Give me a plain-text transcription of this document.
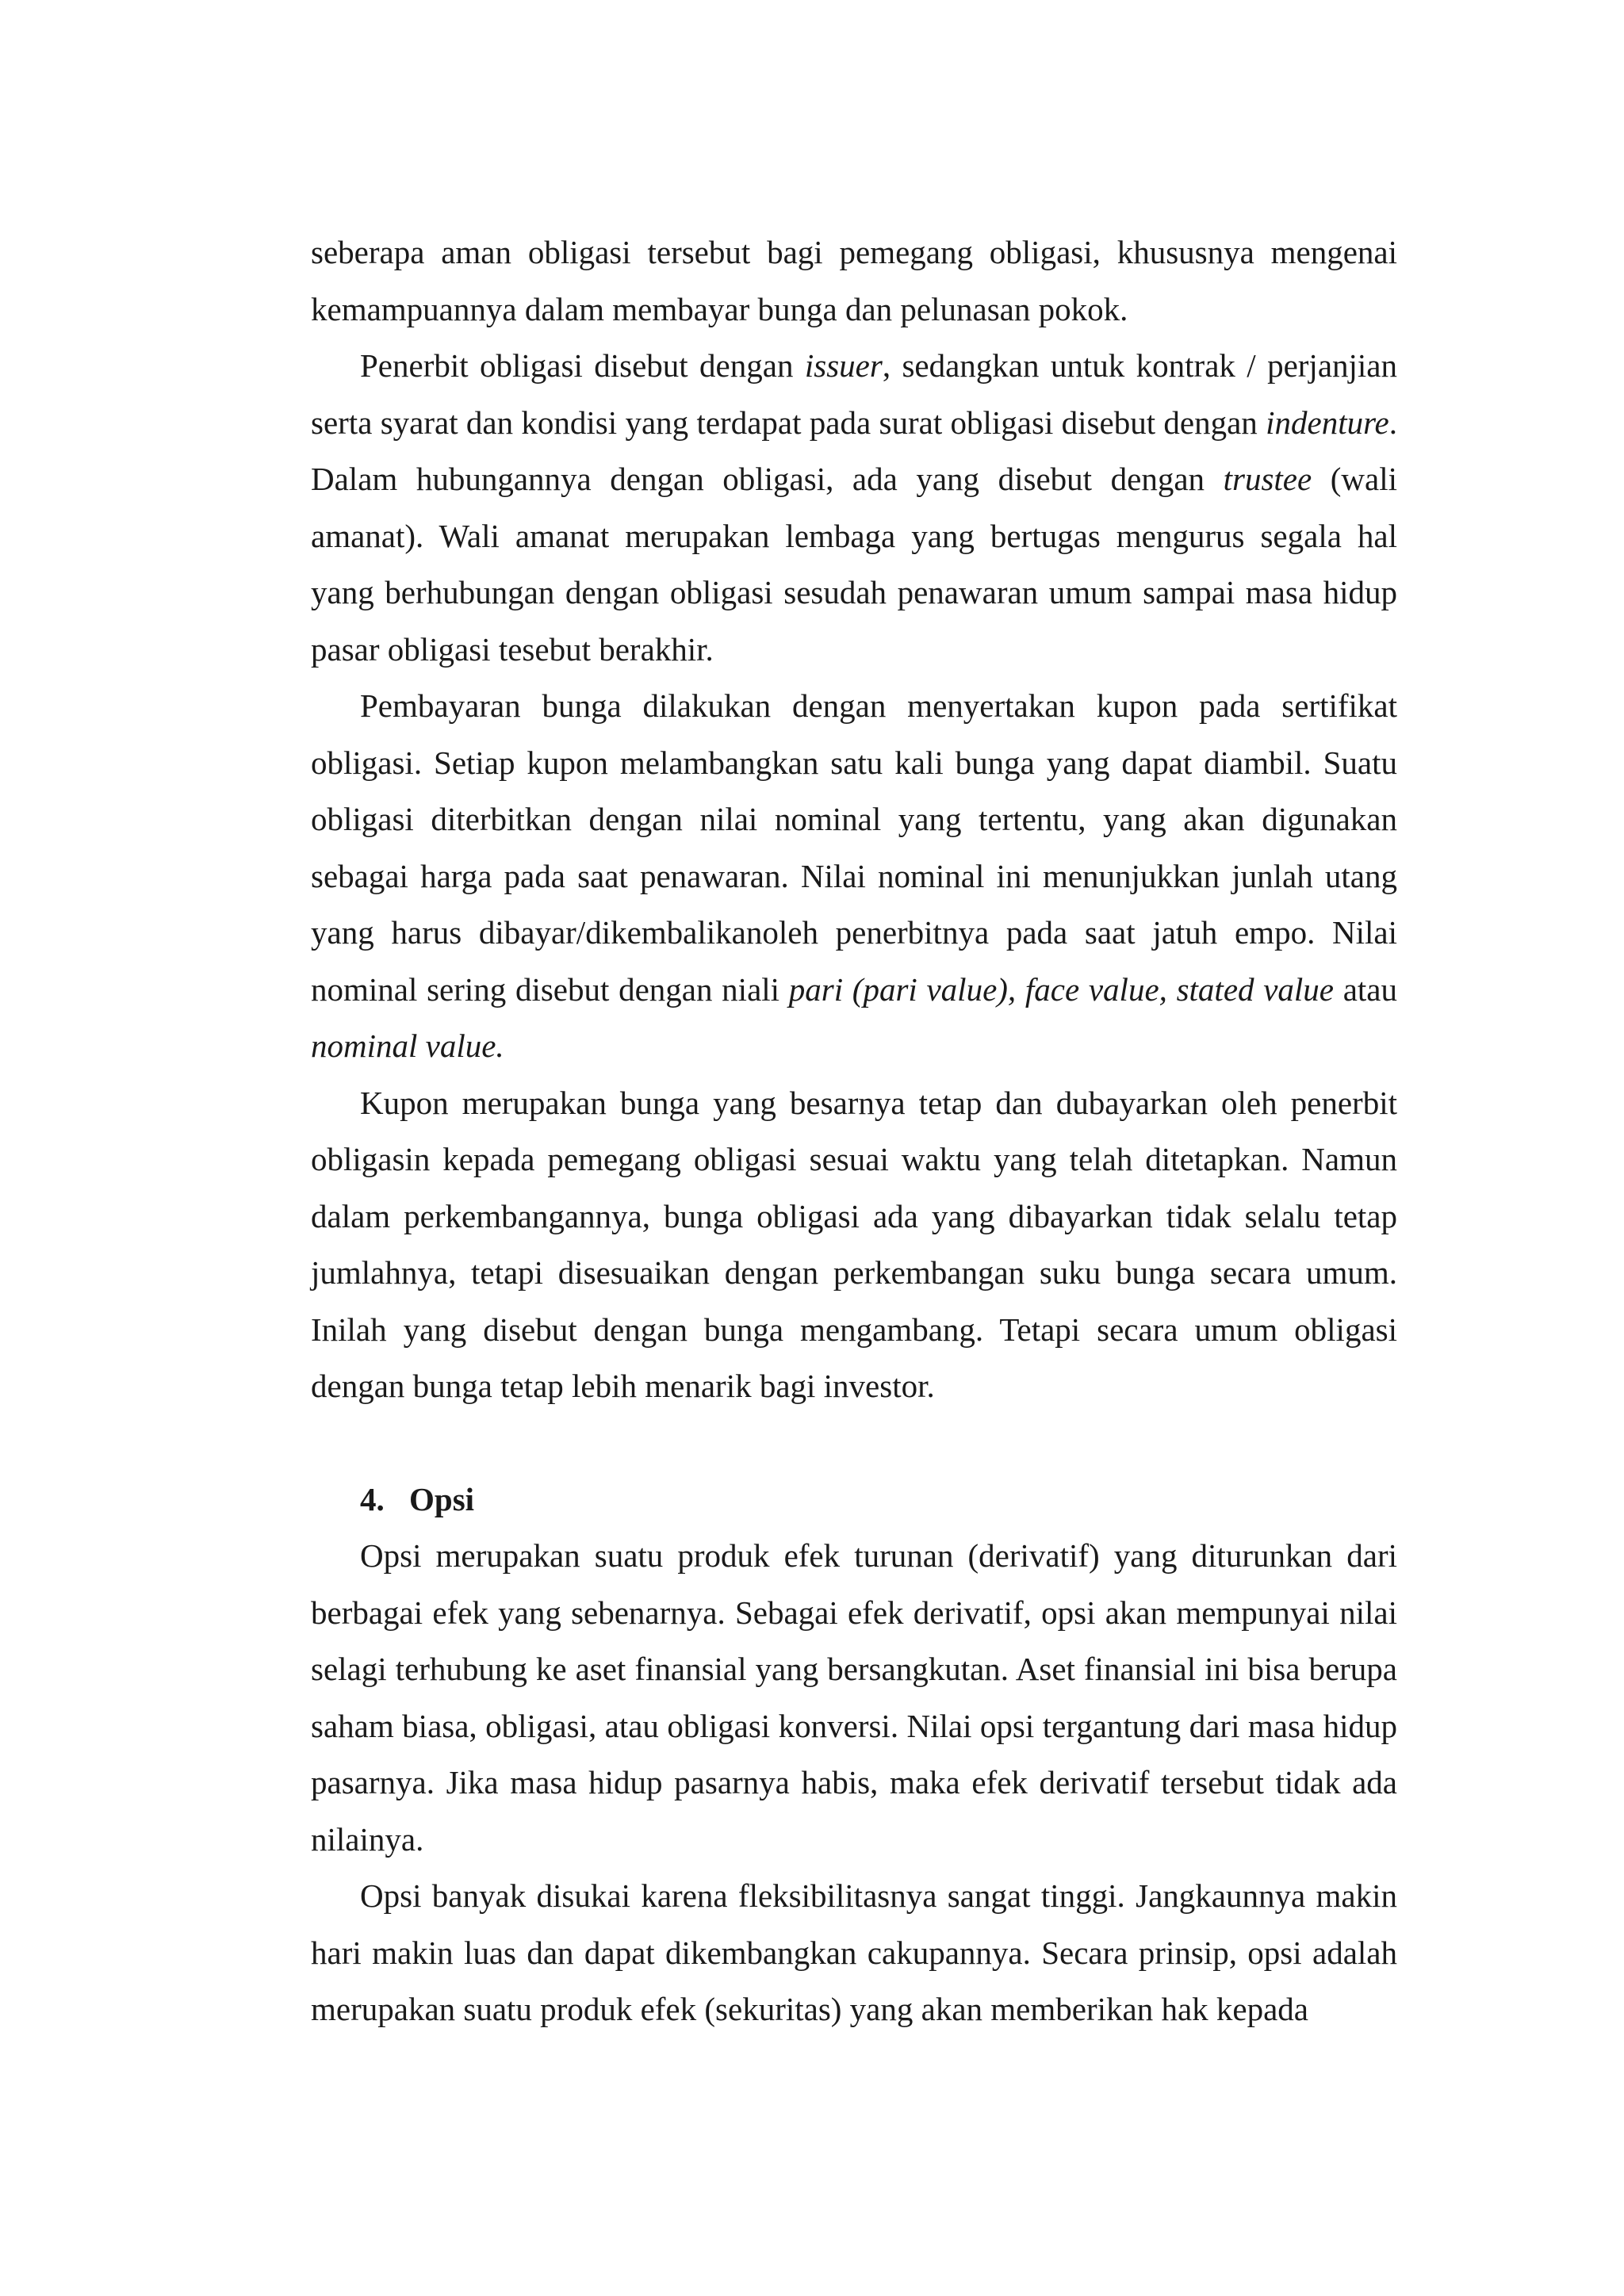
seberapa aman obligasi tersebut bagi pemegang obligasi, khususnya mengenai kemampuannya dalam membayar bunga dan pelunasan pokok.

Penerbit obligasi disebut dengan issuer, sedangkan untuk kontrak / perjanjian serta syarat dan kondisi yang terdapat pada surat obligasi disebut dengan indenture. Dalam hubungannya dengan obligasi, ada yang disebut dengan trustee (wali amanat). Wali amanat merupakan lembaga yang bertugas mengurus segala hal yang berhubungan dengan obligasi sesudah penawaran umum sampai masa hidup pasar obligasi tesebut berakhir.

Pembayaran bunga dilakukan dengan menyertakan kupon pada sertifikat obligasi. Setiap kupon melambangkan satu kali bunga yang dapat diambil. Suatu obligasi diterbitkan dengan nilai nominal yang tertentu, yang akan digunakan sebagai harga pada saat penawaran. Nilai nominal ini menunjukkan junlah utang yang harus dibayar/dikembalikanoleh penerbitnya pada saat jatuh empo. Nilai nominal sering disebut dengan niali pari (pari value), face value, stated value atau nominal value.

Kupon merupakan bunga yang besarnya tetap dan dubayarkan oleh penerbit obligasin kepada pemegang obligasi sesuai waktu yang telah ditetapkan. Namun dalam perkembangannya, bunga obligasi ada yang dibayarkan tidak selalu tetap jumlahnya, tetapi disesuaikan dengan perkembangan suku bunga secara umum. Inilah yang disebut dengan bunga mengambang. Tetapi secara umum obligasi dengan bunga tetap lebih menarik bagi investor.

4. Opsi

Opsi merupakan suatu produk efek turunan (derivatif) yang diturunkan dari berbagai efek yang sebenarnya. Sebagai efek derivatif, opsi akan mempunyai nilai selagi terhubung ke aset finansial yang bersangkutan. Aset finansial ini bisa berupa saham biasa, obligasi, atau obligasi konversi. Nilai opsi tergantung dari masa hidup pasarnya. Jika masa hidup pasarnya habis, maka efek derivatif tersebut tidak ada nilainya.

Opsi banyak disukai karena fleksibilitasnya sangat tinggi. Jangkaunnya makin hari makin luas dan dapat dikembangkan cakupannya. Secara prinsip, opsi adalah merupakan suatu produk efek (sekuritas) yang akan memberikan hak kepada
